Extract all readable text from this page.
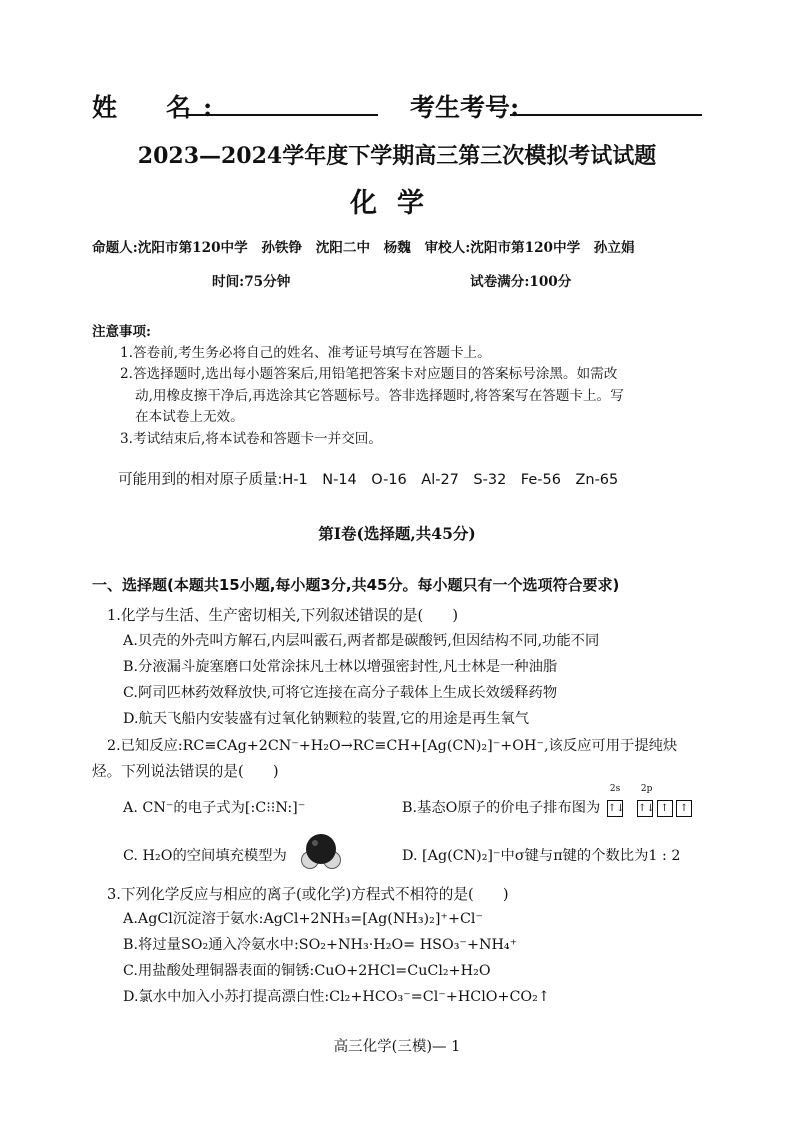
姓　名:	考生考号:
2023—2024学年度下学期高三第三次模拟考试试题
化学
命题人:沈阳市第120中学　孙铁铮　沈阳二中　杨魏　审校人:沈阳市第120中学　孙立娟
时间:75分钟	试卷满分:100分
注意事项:
1.答卷前,考生务必将自己的姓名、准考证号填写在答题卡上。
2.答选择题时,选出每小题答案后,用铅笔把答案卡对应题目的答案标号涂黑。如需改
动,用橡皮擦干净后,再选涂其它答题标号。答非选择题时,将答案写在答题卡上。写
在本试卷上无效。
3.考试结束后,将本试卷和答题卡一并交回。
可能用到的相对原子质量:H-1　N-14　O-16　Al-27　S-32　Fe-56　Zn-65
第Ⅰ卷(选择题,共45分)
一、选择题(本题共15小题,每小题3分,共45分。每小题只有一个选项符合要求)
1.化学与生活、生产密切相关,下列叙述错误的是(　　)
A.贝壳的外壳叫方解石,内层叫霰石,两者都是碳酸钙,但因结构不同,功能不同
B.分液漏斗旋塞磨口处常涂抹凡士林以增强密封性,凡士林是一种油脂
C.阿司匹林药效释放快,可将它连接在高分子载体上生成长效缓释药物
D.航天飞船内安装盛有过氧化钠颗粒的装置,它的用途是再生氧气
2.已知反应:RC≡CAg+2CN⁻+H₂O→RC≡CH+[Ag(CN)₂]⁻+OH⁻,该反应可用于提纯炔
烃。下列说法错误的是(　　)
A. CN⁻的电子式为[:C⁝⁝N:]⁻	B.基态O原子的价电子排布图为
2s
↑↓
2p
↑↓ ↑ ↑
C. H₂O的空间填充模型为	D. [Ag(CN)₂]⁻中σ键与π键的个数比为1 : 2
3.下列化学反应与相应的离子(或化学)方程式不相符的是(　　)
A.AgCl沉淀溶于氨水:AgCl+2NH₃=[Ag(NH₃)₂]⁺+Cl⁻
B.将过量SO₂通入冷氨水中:SO₂+NH₃·H₂O= HSO₃⁻+NH₄⁺
C.用盐酸处理铜器表面的铜锈:CuO+2HCl=CuCl₂+H₂O
D.氯水中加入小苏打提高漂白性:Cl₂+HCO₃⁻=Cl⁻+HClO+CO₂↑
高三化学(三模)— 1
